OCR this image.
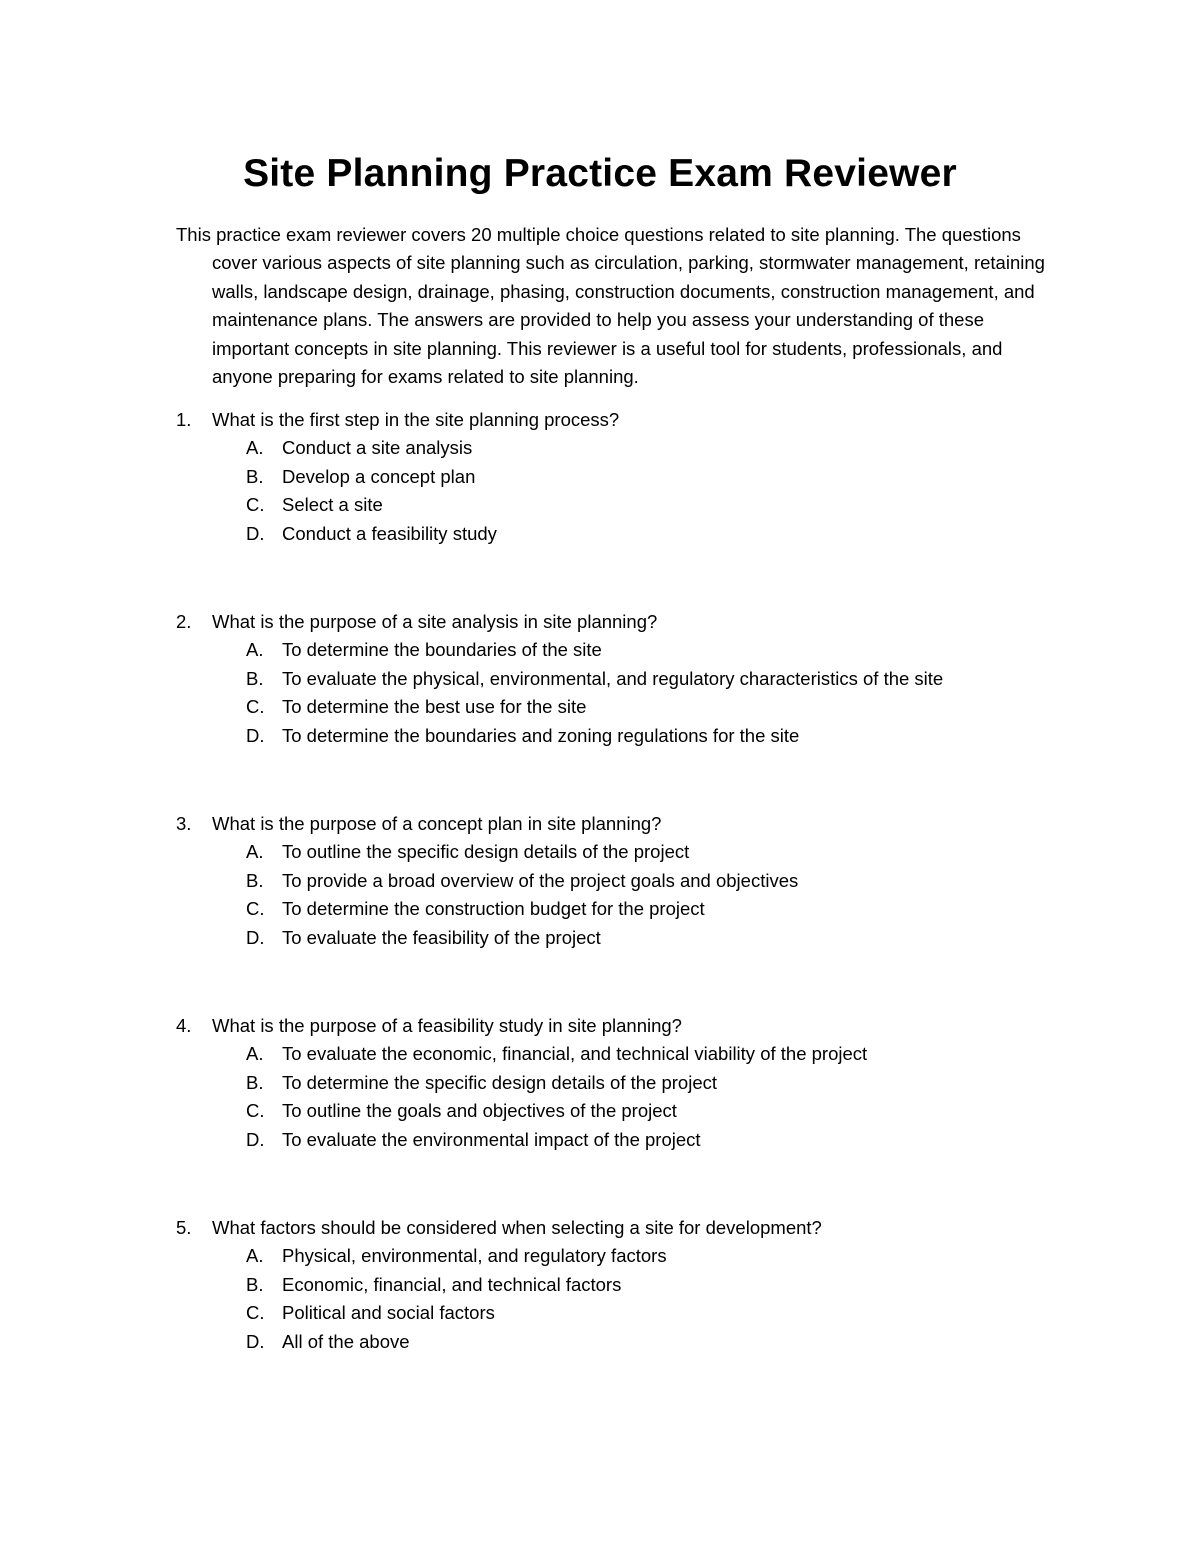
Site Planning Practice Exam Reviewer

This practice exam reviewer covers 20 multiple choice questions related to site planning. The questions cover various aspects of site planning such as circulation, parking, stormwater management, retaining walls, landscape design, drainage, phasing, construction documents, construction management, and maintenance plans. The answers are provided to help you assess your understanding of these important concepts in site planning. This reviewer is a useful tool for students, professionals, and anyone preparing for exams related to site planning.

1. What is the first step in the site planning process?
A. Conduct a site analysis
B. Develop a concept plan
C. Select a site
D. Conduct a feasibility study
2. What is the purpose of a site analysis in site planning?
A. To determine the boundaries of the site
B. To evaluate the physical, environmental, and regulatory characteristics of the site
C. To determine the best use for the site
D. To determine the boundaries and zoning regulations for the site
3. What is the purpose of a concept plan in site planning?
A. To outline the specific design details of the project
B. To provide a broad overview of the project goals and objectives
C. To determine the construction budget for the project
D. To evaluate the feasibility of the project
4. What is the purpose of a feasibility study in site planning?
A. To evaluate the economic, financial, and technical viability of the project
B. To determine the specific design details of the project
C. To outline the goals and objectives of the project
D. To evaluate the environmental impact of the project
5. What factors should be considered when selecting a site for development?
A. Physical, environmental, and regulatory factors
B. Economic, financial, and technical factors
C. Political and social factors
D. All of the above
